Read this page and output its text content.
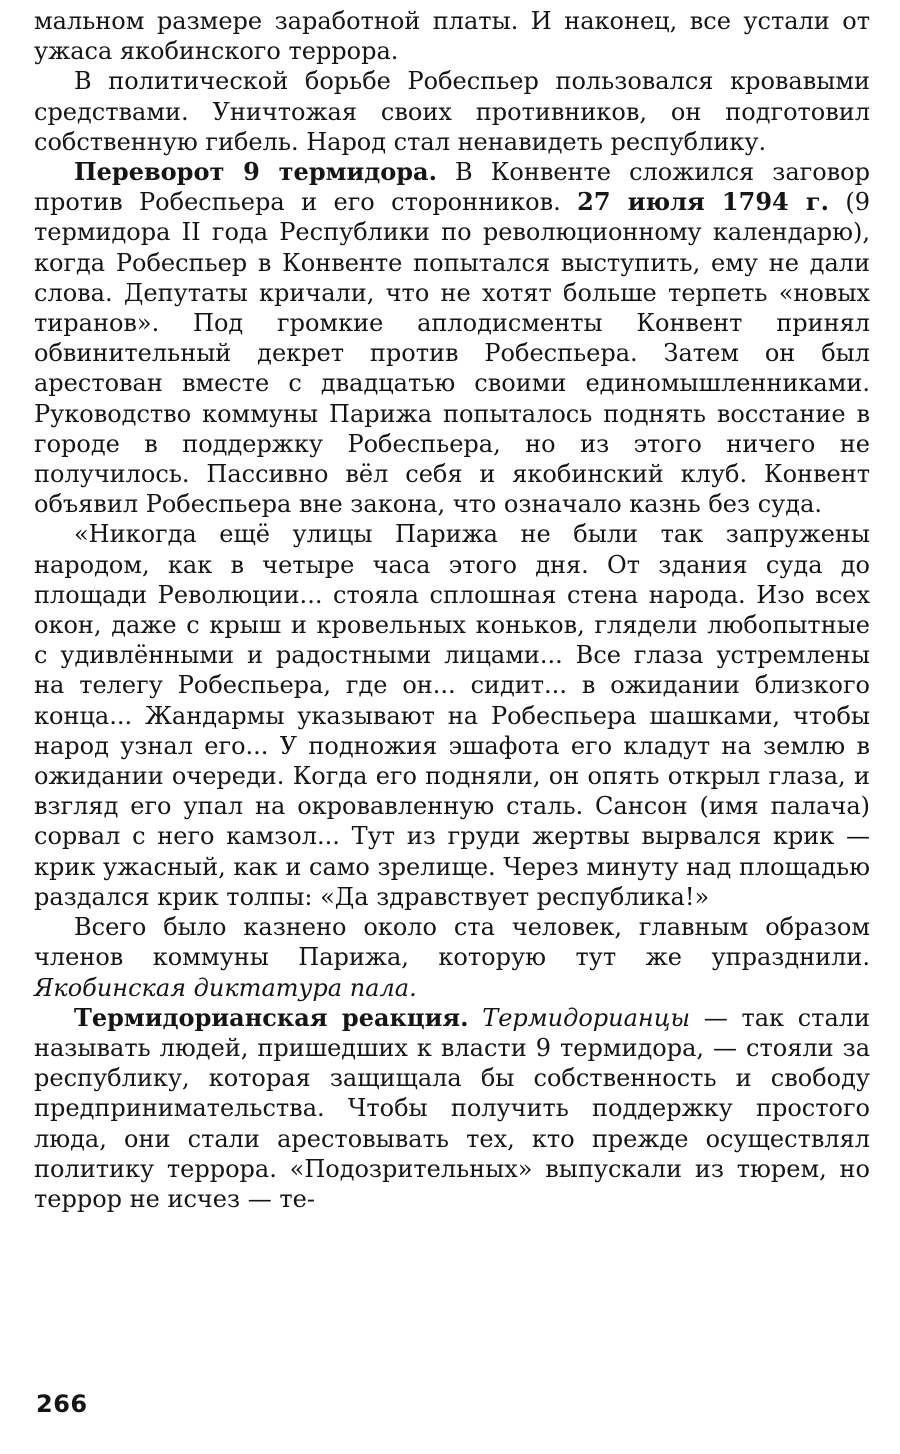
мальном размере заработной платы. И наконец, все устали от ужаса якобинского террора.

В политической борьбе Робеспьер пользовался кровавыми средствами. Уничтожая своих противников, он подготовил собственную гибель. Народ стал ненавидеть республику.

Переворот 9 термидора. В Конвенте сложился заговор против Робеспьера и его сторонников. 27 июля 1794 г. (9 термидора II года Республики по революционному календарю), когда Робеспьер в Конвенте попытался выступить, ему не дали слова. Депутаты кричали, что не хотят больше терпеть «новых тиранов». Под громкие аплодисменты Конвент принял обвинительный декрет против Робеспьера. Затем он был арестован вместе с двадцатью своими единомышленниками. Руководство коммуны Парижа попыталось поднять восстание в городе в поддержку Робеспьера, но из этого ничего не получилось. Пассивно вёл себя и якобинский клуб. Конвент объявил Робеспьера вне закона, что означало казнь без суда.

«Никогда ещё улицы Парижа не были так запружены народом, как в четыре часа этого дня. От здания суда до площади Революции... стояла сплошная стена народа. Изо всех окон, даже с крыш и кровельных коньков, глядели любопытные с удивлёнными и радостными лицами... Все глаза устремлены на телегу Робеспьера, где он... сидит... в ожидании близкого конца... Жандармы указывают на Робеспьера шашками, чтобы народ узнал его... У подножия эшафота его кладут на землю в ожидании очереди. Когда его подняли, он опять открыл глаза, и взгляд его упал на окровавленную сталь. Сансон (имя палача) сорвал с него камзол... Тут из груди жертвы вырвался крик — крик ужасный, как и само зрелище. Через минуту над площадью раздался крик толпы: «Да здравствует республика!»

Всего было казнено около ста человек, главным образом членов коммуны Парижа, которую тут же упразднили. Якобинская диктатура пала.

Термидорианская реакция. Термидорианцы — так стали называть людей, пришедших к власти 9 термидора, — стояли за республику, которая защищала бы собственность и свободу предпринимательства. Чтобы получить поддержку простого люда, они стали арестовывать тех, кто прежде осуществлял политику террора. «Подозрительных» выпускали из тюрем, но террор не исчез — те-

266
